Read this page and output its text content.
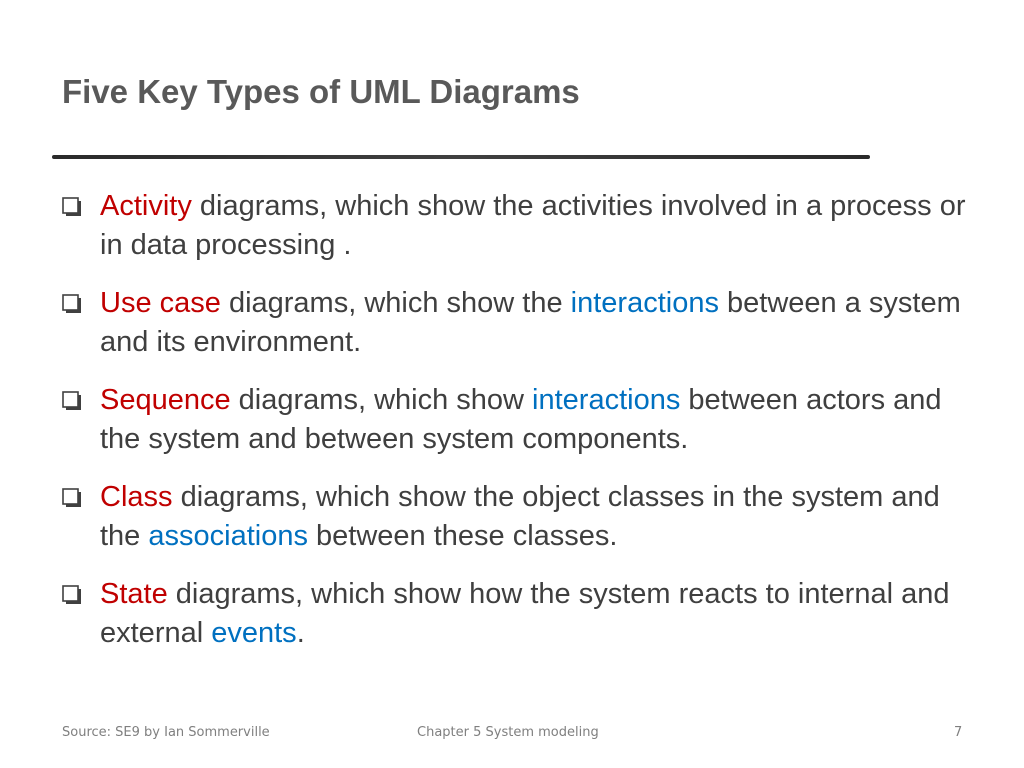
Five Key Types of UML Diagrams
Activity diagrams, which show the activities involved in a process or in data processing .
Use case diagrams, which show the interactions between a system and its environment.
Sequence diagrams, which show interactions between actors and the system and between system components.
Class diagrams, which show the object classes in the system and the associations between these classes.
State diagrams, which show how the system reacts to internal and external events.
Source: SE9 by Ian Sommerville	Chapter 5 System modeling	7
